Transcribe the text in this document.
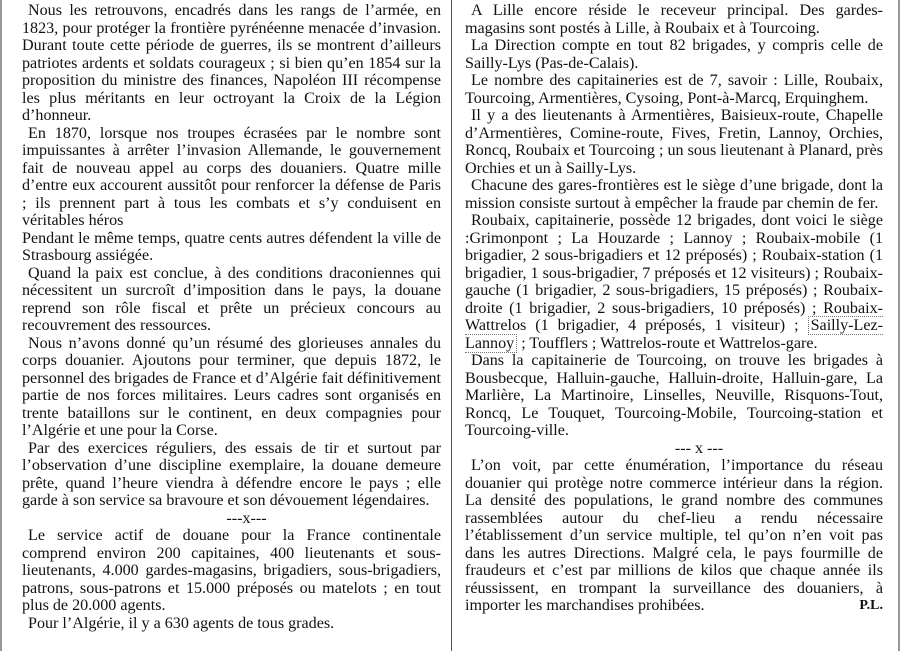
Nous les retrouvons, encadrés dans les rangs de l’armée, en 1823, pour protéger la frontière pyrénéenne menacée d’invasion. Durant toute cette période de guerres, ils se montrent d’ailleurs patriotes ardents et soldats courageux ; si bien qu’en 1854 sur la proposition du ministre des finances, Napoléon III récompense les plus méritants en leur octroyant la Croix de la Légion d’honneur.

En 1870, lorsque nos troupes écrasées par le nombre sont impuissantes à arrêter l’invasion Allemande, le gouvernement fait de nouveau appel au corps des douaniers. Quatre mille d’entre eux accourent aussitôt pour renforcer la défense de Paris ; ils prennent part à tous les combats et s’y conduisent en véritables héros

Pendant le même temps, quatre cents autres défendent la ville de Strasbourg assiégée.

Quand la paix est conclue, à des conditions draconiennes qui nécessitent un surcroît d’imposition dans le pays, la douane reprend son rôle fiscal et prête un précieux concours au recouvrement des ressources.

Nous n’avons donné qu’un résumé des glorieuses annales du corps douanier. Ajoutons pour terminer, que depuis 1872, le personnel des brigades de France et d’Algérie fait définitivement partie de nos forces militaires. Leurs cadres sont organisés en trente bataillons sur le continent, en deux compagnies pour l’Algérie et une pour la Corse.

Par des exercices réguliers, des essais de tir et surtout par l’observation d’une discipline exemplaire, la douane demeure prête, quand l’heure viendra à défendre encore le pays ; elle garde à son service sa bravoure et son dévouement légendaires.

---x---

Le service actif de douane pour la France continentale comprend environ 200 capitaines, 400 lieutenants et sous-lieutenants, 4.000 gardes-magasins, brigadiers, sous-brigadiers, patrons, sous-patrons et 15.000 préposés ou matelots ; en tout plus de 20.000 agents.

Pour l’Algérie, il y a 630 agents de tous grades.

A Lille encore réside le receveur principal. Des gardes-magasins sont postés à Lille, à Roubaix et à Tourcoing.

La Direction compte en tout 82 brigades, y compris celle de Sailly-Lys (Pas-de-Calais).

Le nombre des capitaineries est de 7, savoir : Lille, Roubaix, Tourcoing, Armentières, Cysoing, Pont-à-Marcq, Erquinghem.

Il y a des lieutenants à Armentières, Baisieux-route, Chapelle d’Armentières, Comine-route, Fives, Fretin, Lannoy, Orchies, Roncq, Roubaix et Tourcoing ; un sous lieutenant à Planard, près Orchies et un à Sailly-Lys.

Chacune des gares-frontières est le siège d’une brigade, dont la mission consiste surtout à empêcher la fraude par chemin de fer.

Roubaix, capitainerie, possède 12 brigades, dont voici le siège :Grimonpont ; La Houzarde ; Lannoy ; Roubaix-mobile (1 brigadier, 2 sous-brigadiers et 12 préposés) ; Roubaix-station (1 brigadier, 1 sous-brigadier, 7 préposés et 12 visiteurs) ; Roubaix-gauche (1 brigadier, 2 sous-brigadiers, 15 préposés) ; Roubaix-droite (1 brigadier, 2 sous-brigadiers, 10 préposés) ; Roubaix-Wattrelos (1 brigadier, 4 préposés, 1 visiteur) ; Sailly-Lez-Lannoy ; Toufflers ; Wattrelos-route et Wattrelos-gare.

Dans la capitainerie de Tourcoing, on trouve les brigades à Bousbecque, Halluin-gauche, Halluin-droite, Halluin-gare, La Marlière, La Martinoire, Linselles, Neuville, Risquons-Tout, Roncq, Le Touquet, Tourcoing-Mobile, Tourcoing-station et Tourcoing-ville.

--- x ---

L’on voit, par cette énumération, l’importance du réseau douanier qui protège notre commerce intérieur dans la région. La densité des populations, le grand nombre des communes rassemblées autour du chef-lieu a rendu nécessaire l’établissement d’un service multiple, tel qu’on n’en voit pas dans les autres Directions. Malgré cela, le pays fourmille de fraudeurs et c’est par millions de kilos que chaque année ils réussissent, en trompant la surveillance des douaniers, à importer les marchandises prohibées.	P.L.
